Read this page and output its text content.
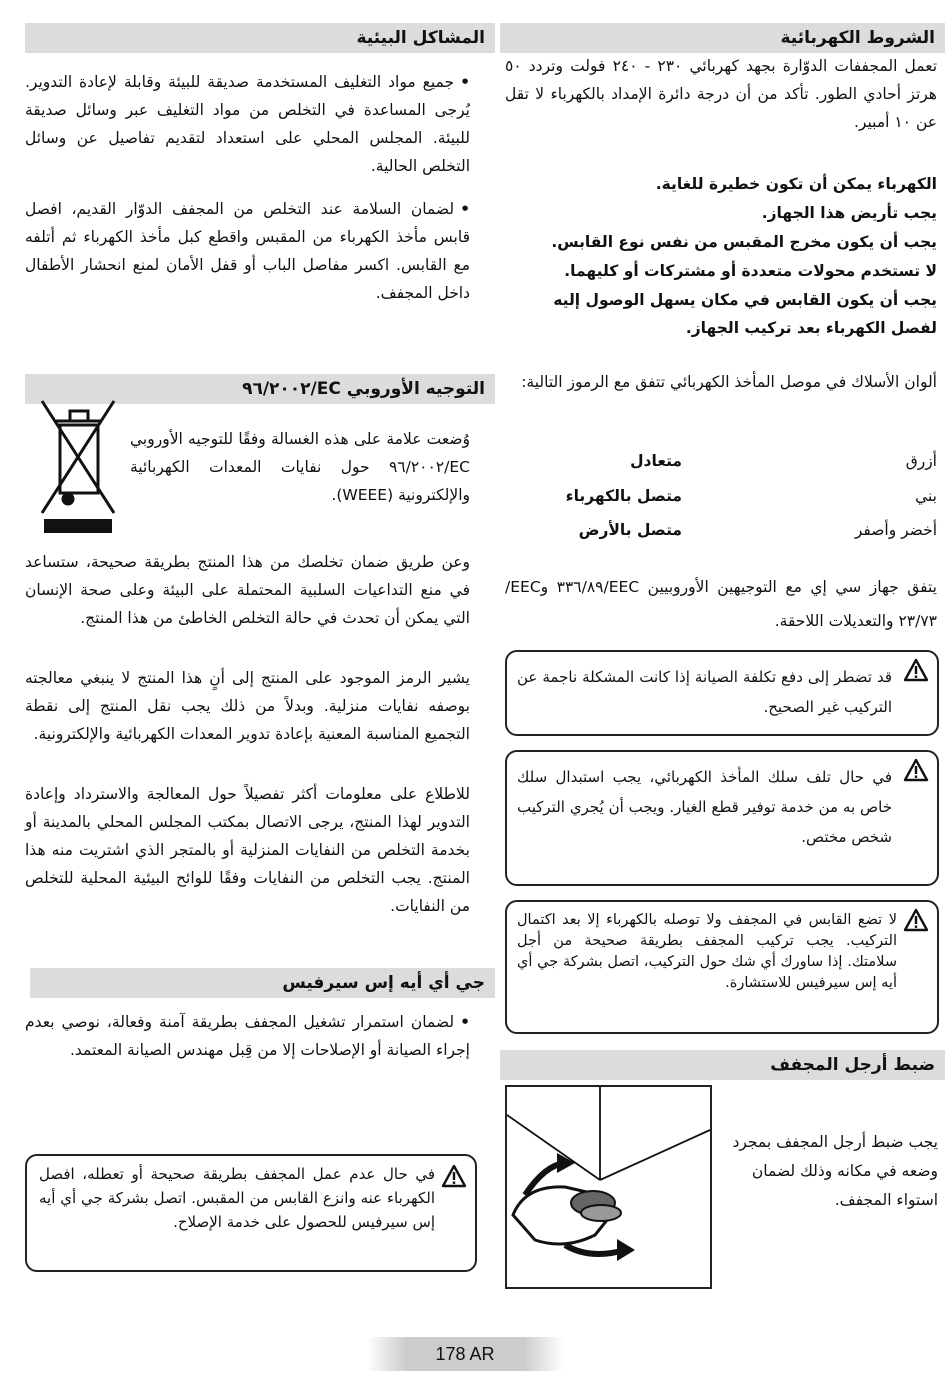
المشاكل البيئية

•جميع مواد التغليف المستخدمة صديقة للبيئة وقابلة لإعادة التدوير. يُرجى المساعدة في التخلص من مواد التغليف عبر وسائل صديقة للبيئة. المجلس المحلي على استعداد لتقديم تفاصيل عن وسائل التخلص الحالية.

•لضمان السلامة عند التخلص من المجفف الدوّار القديم، افصل قابس مأخذ الكهرباء من المقبس واقطع كبل مأخذ الكهرباء ثم أتلفه مع القابس. اكسر مفاصل الباب أو قفل الأمان لمنع انحشار الأطفال داخل المجفف.

التوجيه الأوروبي EC/٩٦/٢٠٠٢

وُضعت علامة على هذه الغسالة وفقًا للتوجيه الأوروبي EC/٩٦/٢٠٠٢ حول نفايات المعدات الكهربائية والإلكترونية (WEEE).

وعن طريق ضمان تخلصك من هذا المنتج بطريقة صحيحة، ستساعد في منع التداعيات السلبية المحتملة على البيئة وعلى صحة الإنسان التي يمكن أن تحدث في حالة التخلص الخاطئ من هذا المنتج.

يشير الرمز الموجود على المنتج إلى أنٍ هذا المنتج لا ينبغي معالجته بوصفه نفايات منزلية. وبدلاً من ذلك يجب نقل المنتج إلى نقطة التجميع المناسبة المعنية بإعادة تدوير المعدات الكهربائية والإلكترونية.

للاطلاع على معلومات أكثر تفصيلاً حول المعالجة والاسترداد وإعادة التدوير لهذا المنتج، يرجى الاتصال بمكتب المجلس المحلي بالمدينة أو بخدمة التخلص من النفايات المنزلية أو بالمتجر الذي اشتريت منه هذا المنتج. يجب التخلص من النفايات وفقًا للوائح البيئية المحلية للتخلص من النفايات.

جي أي أيه إس سيرفيس

•لضمان استمرار تشغيل المجفف بطريقة آمنة وفعالة، نوصي بعدم إجراء الصيانة أو الإصلاحات إلا من قِبل مهندس الصيانة المعتمد.

في حال عدم عمل المجفف بطريقة صحيحة أو تعطله، افصل الكهرباء عنه وانزع القابس من المقبس. اتصل بشركة جي أي أيه إس سيرفيس للحصول على خدمة الإصلاح.
الشروط الكهربائية

تعمل المجففات الدوّارة بجهد كهربائي ٢٣٠ - ٢٤٠ فولت وتردد ٥٠ هرتز أحادي الطور. تأكد من أن درجة دائرة الإمداد بالكهرباء لا تقل عن ١٠ أمبير.

الكهرباء يمكن أن تكون خطيرة للغاية.

يجب تأريض هذا الجهاز.

يجب أن يكون مخرج المقبس من نفس نوع القابس.

لا تستخدم محولات متعددة أو مشتركات أو كليهما.

يجب أن يكون القابس في مكان يسهل الوصول إليه لفصل الكهرباء بعد تركيب الجهاز.

ألوان الأسلاك في موصل المأخذ الكهربائي تتفق مع الرموز التالية:

أزرق
متعادل
بني
متصل بالكهرباء
أخضر وأصفر
متصل بالأرض

يتفق جهاز سي إي مع التوجيهين الأوروبيين EEC/٣٣٦/٨٩ وEEC/٢٣/٧٣ والتعديلات اللاحقة.

قد تضطر إلى دفع تكلفة الصيانة إذا كانت المشكلة ناجمة عن التركيب غير الصحيح.
في حال تلف سلك المأخذ الكهربائي، يجب استبدال سلك خاص به من خدمة توفير قطع الغيار. ويجب أن يُجري التركيب شخص مختص.
لا تضع القابس في المجفف ولا توصله بالكهرباء إلا بعد اكتمال التركيب. يجب تركيب المجفف بطريقة صحيحة من أجل سلامتك. إذا ساورك أي شك حول التركيب، اتصل بشركة جي أي أيه إس سيرفيس للاستشارة.
ضبط أرجل المجفف

يجب ضبط أرجل المجفف بمجرد وضعه في مكانه وذلك لضمان استواء المجفف.

178 AR
